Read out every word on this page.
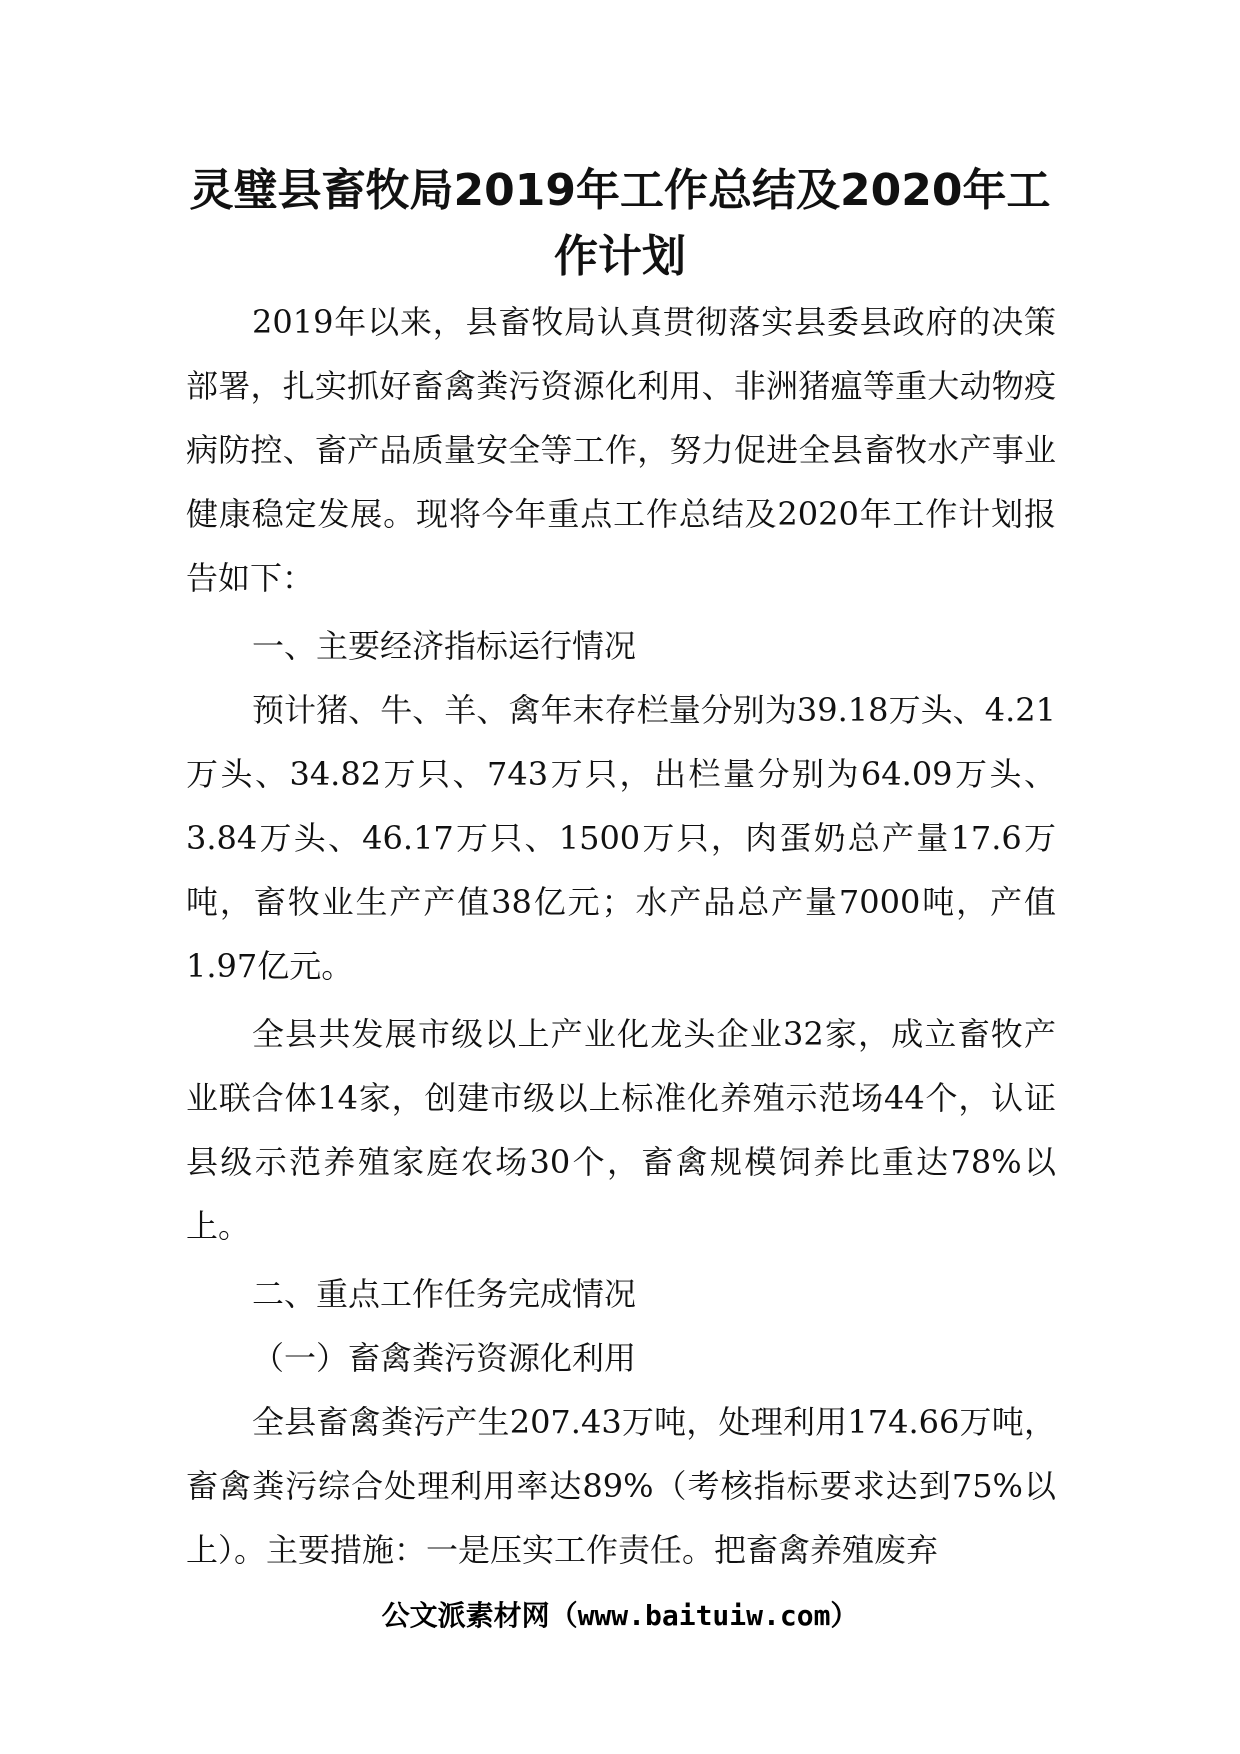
灵璧县畜牧局2019年工作总结及2020年工作计划

2019年以来，县畜牧局认真贯彻落实县委县政府的决策部署，扎实抓好畜禽粪污资源化利用、非洲猪瘟等重大动物疫病防控、畜产品质量安全等工作，努力促进全县畜牧水产事业健康稳定发展。现将今年重点工作总结及2020年工作计划报告如下：

一、主要经济指标运行情况

预计猪、牛、羊、禽年末存栏量分别为39.18万头、4.21万头、34.82万只、743万只，出栏量分别为64.09万头、3.84万头、46.17万只、1500万只，肉蛋奶总产量17.6万吨，畜牧业生产产值38亿元；水产品总产量7000吨，产值1.97亿元。

全县共发展市级以上产业化龙头企业32家，成立畜牧产业联合体14家，创建市级以上标准化养殖示范场44个，认证县级示范养殖家庭农场30个，畜禽规模饲养比重达78%以上。

二、重点工作任务完成情况

（一）畜禽粪污资源化利用

全县畜禽粪污产生207.43万吨，处理利用174.66万吨，畜禽粪污综合处理利用率达89%（考核指标要求达到75%以上）。主要措施：一是压实工作责任。把畜禽养殖废弃

公文派素材网（www.baituiw.com）
